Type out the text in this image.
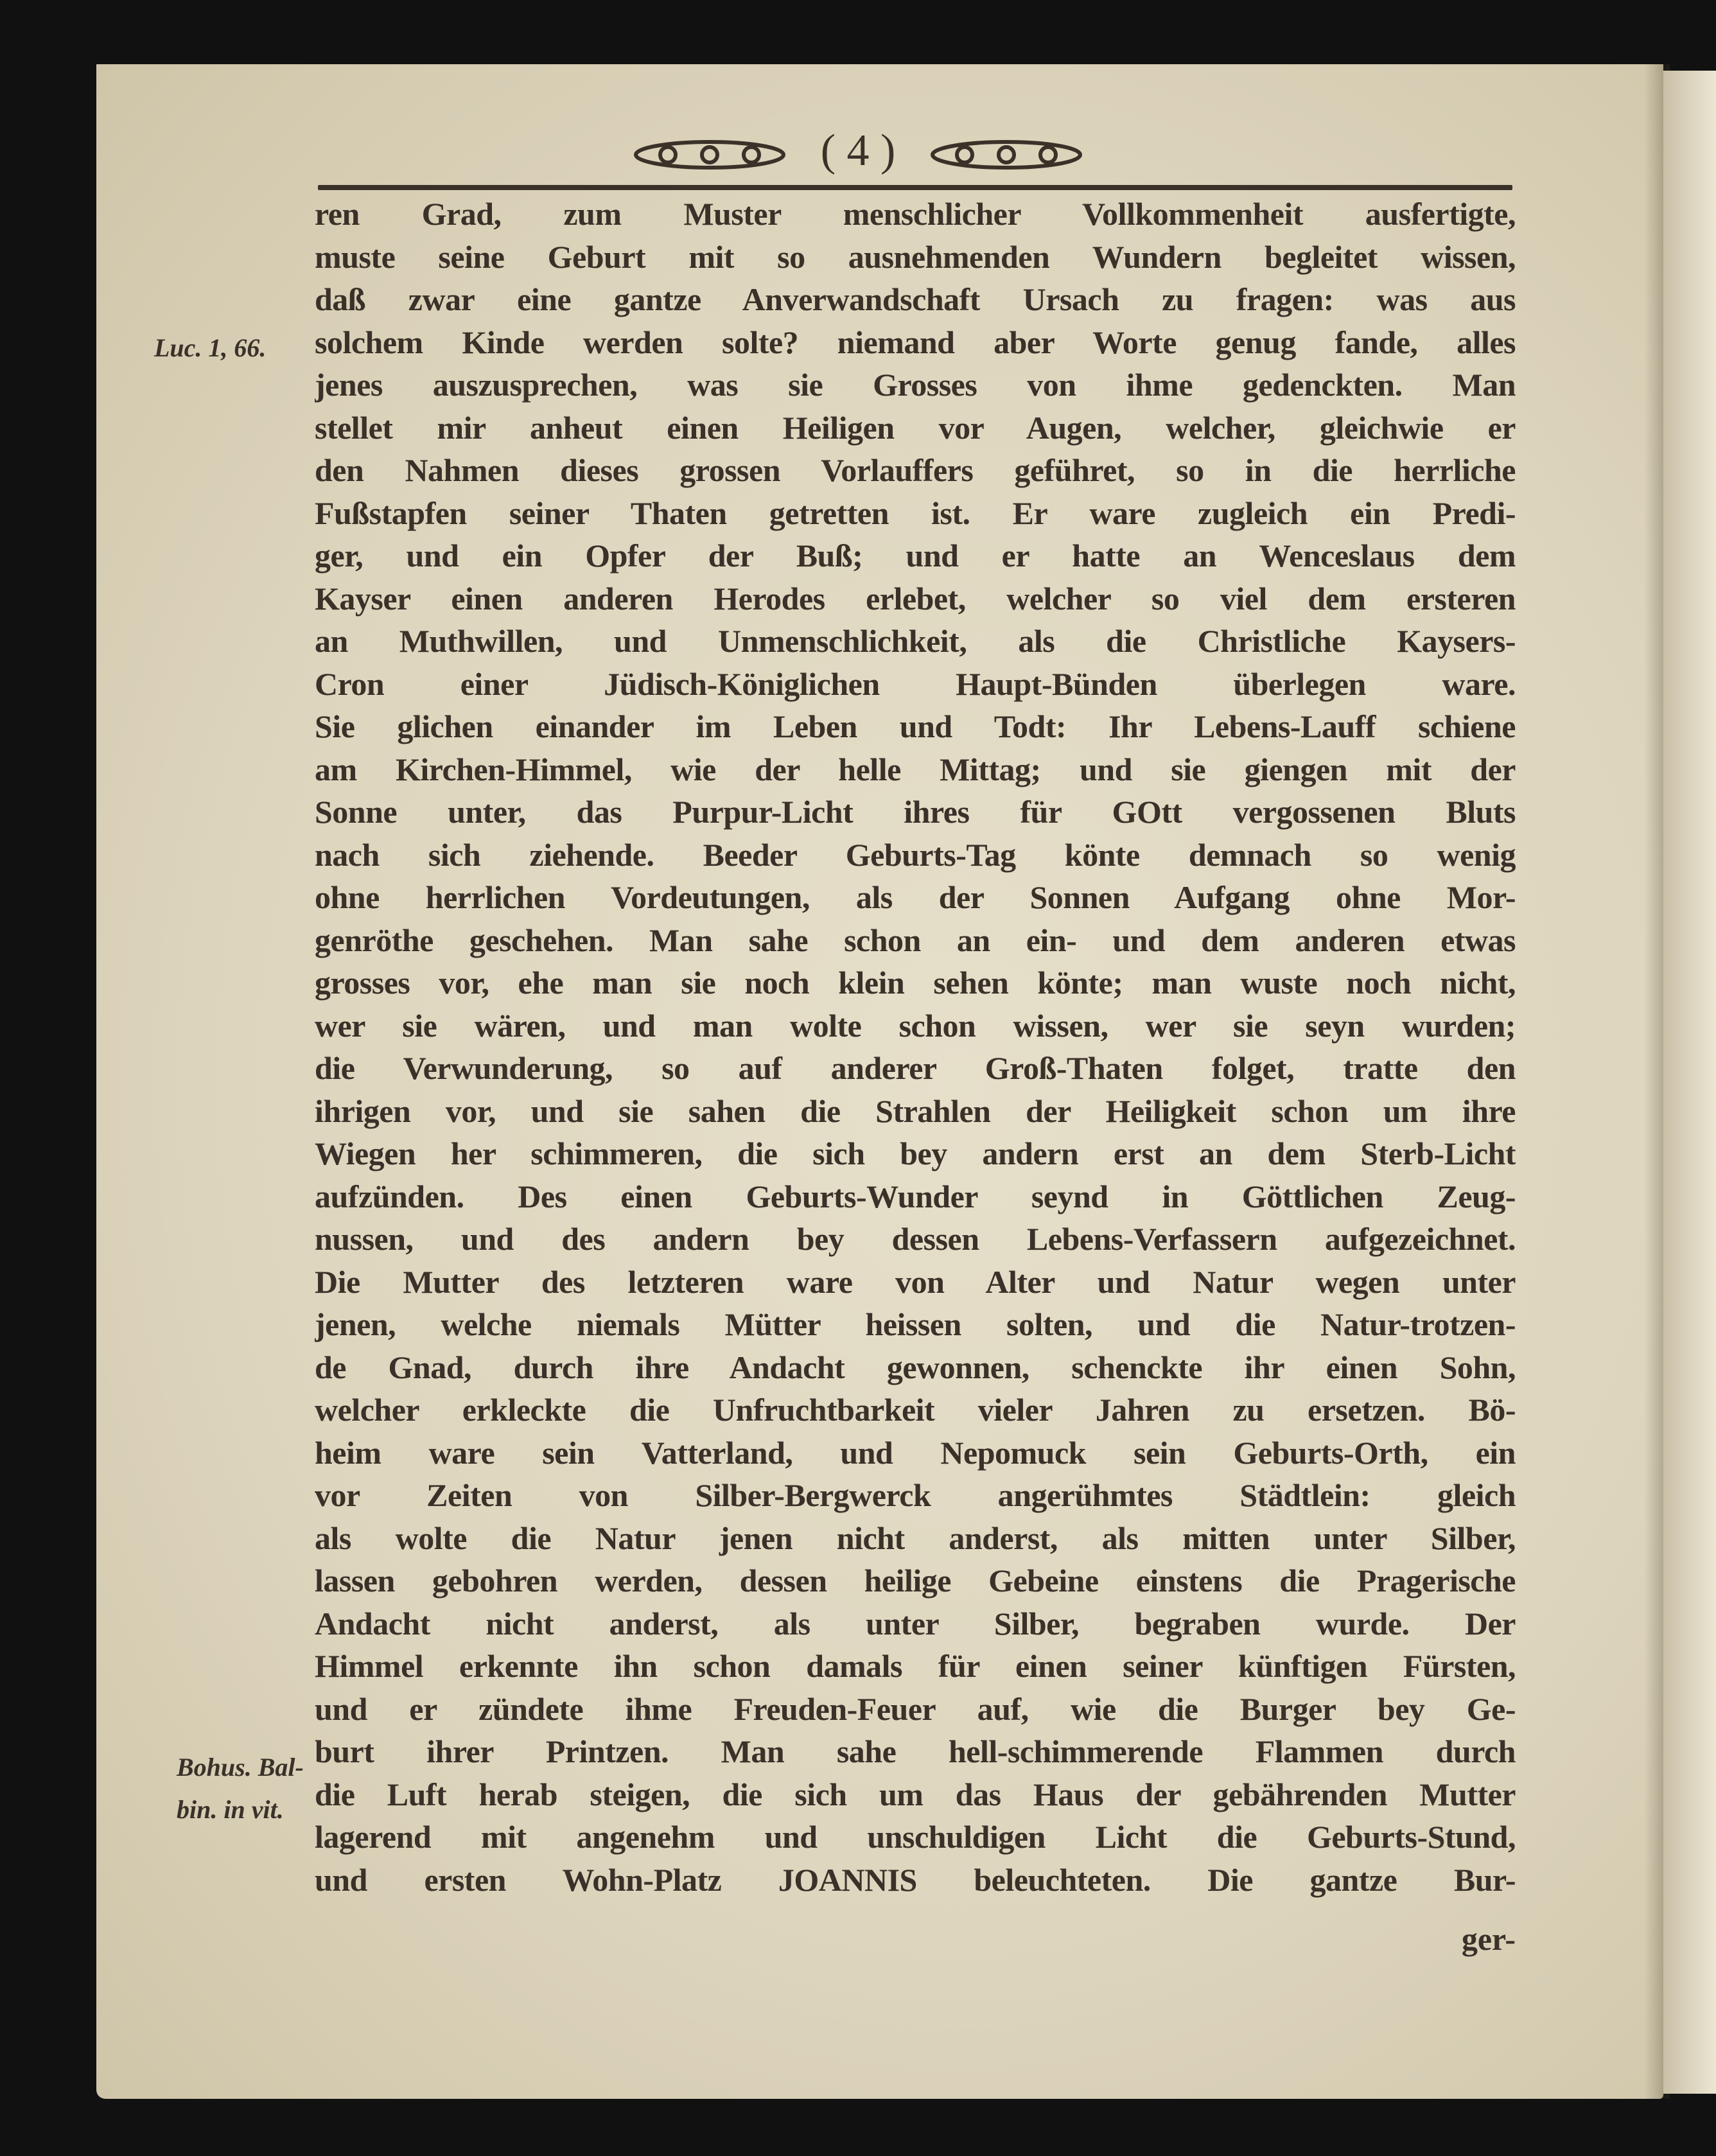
( 4 )
ren Grad, zum Muster menschlicher Vollkommenheit ausfertigte,
muste seine Geburt mit so ausnehmenden Wundern begleitet wissen,
daß zwar eine gantze Anverwandschaft Ursach zu fragen: was aus
solchem Kinde werden solte? niemand aber Worte genug fande, alles
jenes auszusprechen, was sie Grosses von ihme gedenckten. Man
stellet mir anheut einen Heiligen vor Augen, welcher, gleichwie er
den Nahmen dieses grossen Vorlauffers geführet, so in die herrliche
Fußstapfen seiner Thaten getretten ist. Er ware zugleich ein Predi-
ger, und ein Opfer der Buß; und er hatte an Wenceslaus dem
Kayser einen anderen Herodes erlebet, welcher so viel dem ersteren
an Muthwillen, und Unmenschlichkeit, als die Christliche Kaysers-
Cron einer Jüdisch-Königlichen Haupt-Bünden überlegen ware.
Sie glichen einander im Leben und Todt: Ihr Lebens-Lauff schiene
am Kirchen-Himmel, wie der helle Mittag; und sie giengen mit der
Sonne unter, das Purpur-Licht ihres für GOtt vergossenen Bluts
nach sich ziehende. Beeder Geburts-Tag könte demnach so wenig
ohne herrlichen Vordeutungen, als der Sonnen Aufgang ohne Mor-
genröthe geschehen. Man sahe schon an ein- und dem anderen etwas
grosses vor, ehe man sie noch klein sehen könte; man wuste noch nicht,
wer sie wären, und man wolte schon wissen, wer sie seyn wurden;
die Verwunderung, so auf anderer Groß-Thaten folget, tratte den
ihrigen vor, und sie sahen die Strahlen der Heiligkeit schon um ihre
Wiegen her schimmeren, die sich bey andern erst an dem Sterb-Licht
aufzünden. Des einen Geburts-Wunder seynd in Göttlichen Zeug-
nussen, und des andern bey dessen Lebens-Verfassern aufgezeichnet.
Die Mutter des letzteren ware von Alter und Natur wegen unter
jenen, welche niemals Mütter heissen solten, und die Natur-trotzen-
de Gnad, durch ihre Andacht gewonnen, schenckte ihr einen Sohn,
welcher erkleckte die Unfruchtbarkeit vieler Jahren zu ersetzen. Bö-
heim ware sein Vatterland, und Nepomuck sein Geburts-Orth, ein
vor Zeiten von Silber-Bergwerck angerühmtes Städtlein: gleich
als wolte die Natur jenen nicht anderst, als mitten unter Silber,
lassen gebohren werden, dessen heilige Gebeine einstens die Pragerische
Andacht nicht anderst, als unter Silber, begraben wurde. Der
Himmel erkennte ihn schon damals für einen seiner künftigen Fürsten,
und er zündete ihme Freuden-Feuer auf, wie die Burger bey Ge-
burt ihrer Printzen. Man sahe hell-schimmerende Flammen durch
die Luft herab steigen, die sich um das Haus der gebährenden Mutter
lagerend mit angenehm und unschuldigen Licht die Geburts-Stund,
und ersten Wohn-Platz JOANNIS beleuchteten. Die gantze Bur-
Luc. 1, 66.
Bohus. Bal-
bin. in vit.
ger-
